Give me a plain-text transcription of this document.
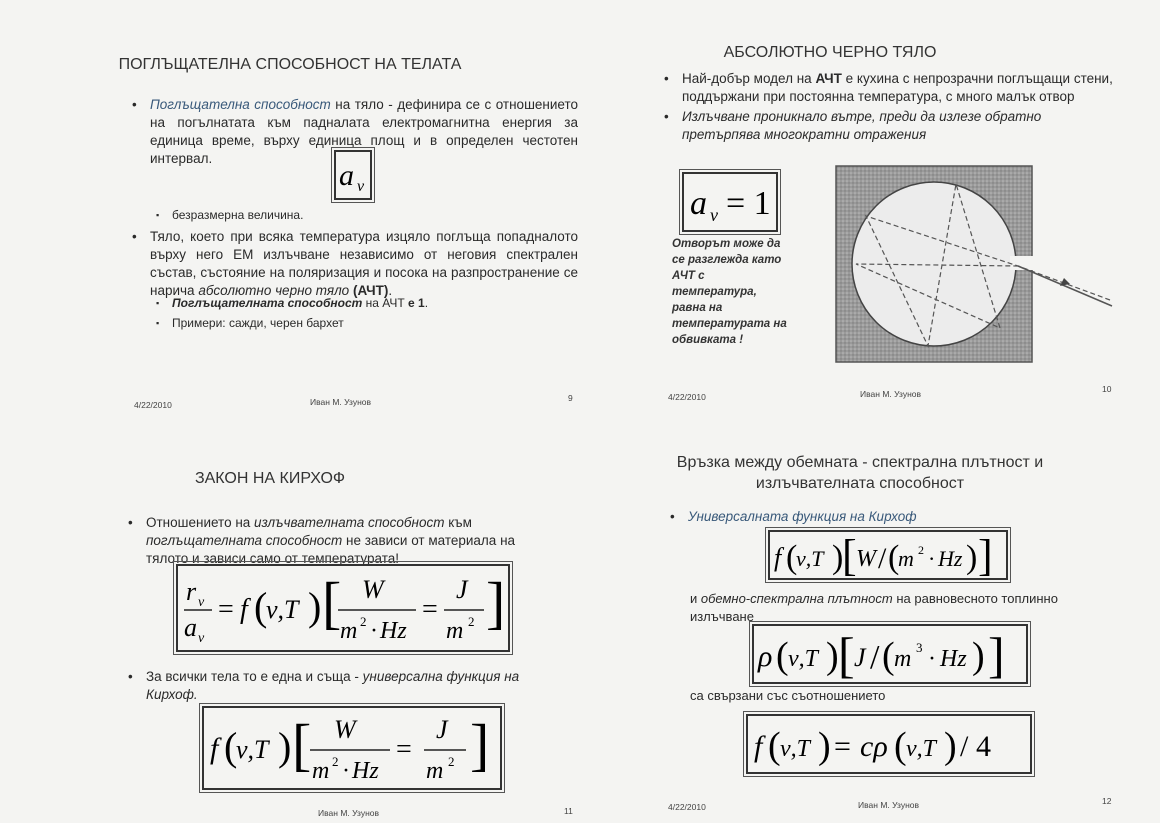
ПОГЛЪЩАТЕЛНА СПОСОБНОСТ НА ТЕЛАТА
• Поглъщателна способност на тяло - дефинира се с отношението на погълнатата към падналата електромагнитна енергия за единица време, върху единица площ и в определен честотен интервал.
a ν
▪ безразмерна величина.
• Тяло, което при всяка температура изцяло поглъща попадналото върху него ЕМ излъчване независимо от неговия спектрален състав, състояние на поляризация и посока на разпространение се нарича абсолютно черно тяло (АЧТ).
▪ Поглъщателната способност на АЧТ е 1.
▪ Примери: сажди, черен бархет
4/22/2010	Иван М. Узунов	9
АБСОЛЮТНО ЧЕРНО ТЯЛО
• Най-добър модел на АЧТ е кухина с непрозрачни поглъщащи стени, поддържани при постоянна температура, с много малък отвор
• Излъчване проникнало вътре, преди да излезе обратно претърпява многократни отражения
a ν = 1
Отворът може да се разглежда като АЧТ с температура, равна на температурата на обвивката !
4/22/2010	Иван М. Узунов	10
ЗАКОН НА КИРХОФ
• Отношението на излъчвателната способност към поглъщателната способност не зависи от материала на тялото и зависи само от температурата!
r ν
a ν
= f (
ν,T ) [ W
m 2 · Hz
=
J
m 2 ]
• За всички тела то е една и съща - универсална функция на Кирхоф.
f (
ν,T ) [ W
m 2 · Hz
=
J
m 2 ]
Иван М. Узунов	11
Връзка между обемната - спектрална плътност и
излъчвателната способност
• Универсалната функция на Кирхоф
f (
ν,T )
[ W / (
m 2 · Hz ) ]
и обемно-спектрална плътност на равновесното топлинно излъчване
ρ ( ν,T ) [ J / ( m 3 · Hz ) ]
са свързани със съотношението
f ( ν,T ) = cρ ( ν,T ) / 4
4/22/2010	Иван М. Узунов	12
